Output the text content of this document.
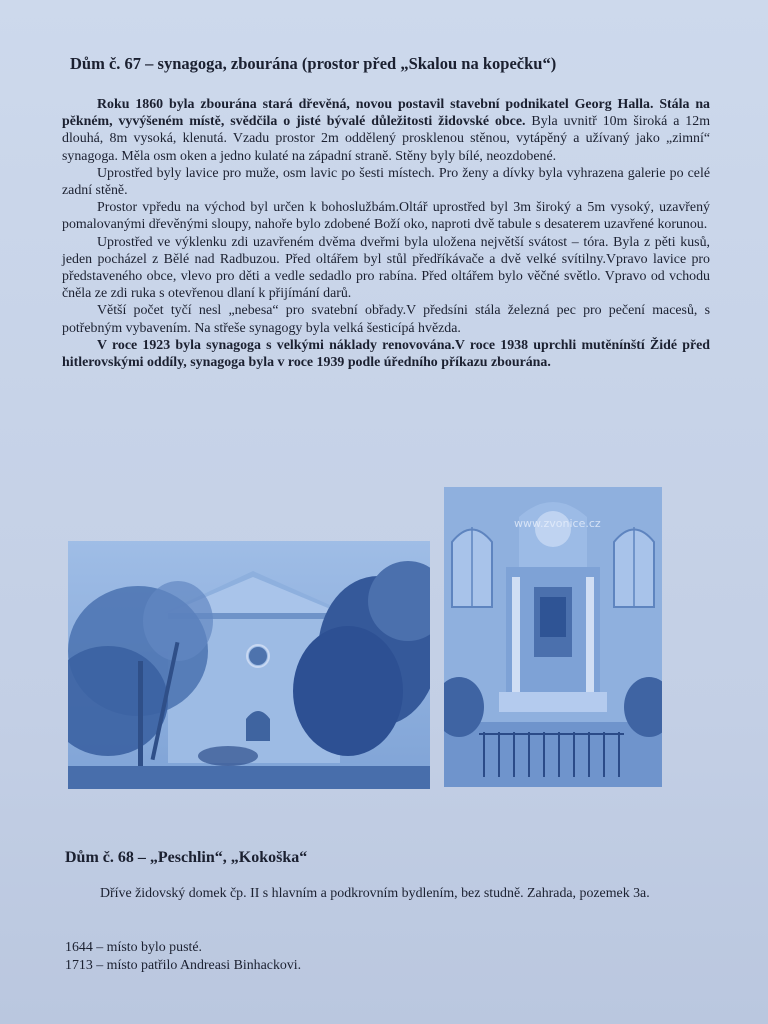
Dům č. 67 – synagoga, zbourána (prostor před „Skalou na kopečku“)

Roku 1860 byla zbourána stará dřevěná, novou postavil stavební podnikatel Georg Halla. Stála na pěkném, vyvýšeném místě, svědčila o jisté bývalé důležitosti židovské obce. Byla uvnitř 10m široká a 12m dlouhá, 8m vysoká, klenutá. Vzadu prostor 2m oddělený prosklenou stěnou, vytápěný a užívaný jako „zimní“ synagoga. Měla osm oken a jedno kulaté na západní straně. Stěny byly bílé, neozdobené.

Uprostřed byly lavice pro muže, osm lavic po šesti místech. Pro ženy a dívky byla vyhrazena galerie po celé zadní stěně.

Prostor vpředu na východ byl určen k bohoslužbám.Oltář uprostřed byl 3m široký a 5m vysoký, uzavřený pomalovanými dřevěnými sloupy, nahoře bylo zdobené Boží oko, naproti dvě tabule s desaterem uzavřené korunou.

Uprostřed ve výklenku zdi uzavřeném dvěma dveřmi byla uložena největší svátost – tóra. Byla z pěti kusů, jeden pocházel z Bělé nad Radbuzou. Před oltářem byl stůl předříkávače a dvě velké svítilny.Vpravo lavice pro představeného obce, vlevo pro děti a vedle sedadlo pro rabína. Před oltářem bylo věčné světlo. Vpravo od vchodu čněla ze zdi ruka s otevřenou dlaní k přijímání darů.

Větší počet tyčí nesl „nebesa“ pro svatební obřady.V předsíni stála železná pec pro pečení macesů, s potřebným vybavením. Na střeše synagogy byla velká šesticípá hvězda.

V roce 1923 byla synagoga s velkými náklady renovována.V roce 1938 uprchli mutěnínští Židé před hitlerovskými oddíly, synagoga byla v roce 1939 podle úředního příkazu zbourána.

www.zvonice.cz
Dům č. 68 – „Peschlin“, „Kokoška“

Dříve židovský domek čp. II s hlavním a podkrovním bydlením, bez studně. Zahrada, pozemek 3a.

1644 – místo bylo pusté.
1713 – místo patřilo Andreasi Binhackovi.
